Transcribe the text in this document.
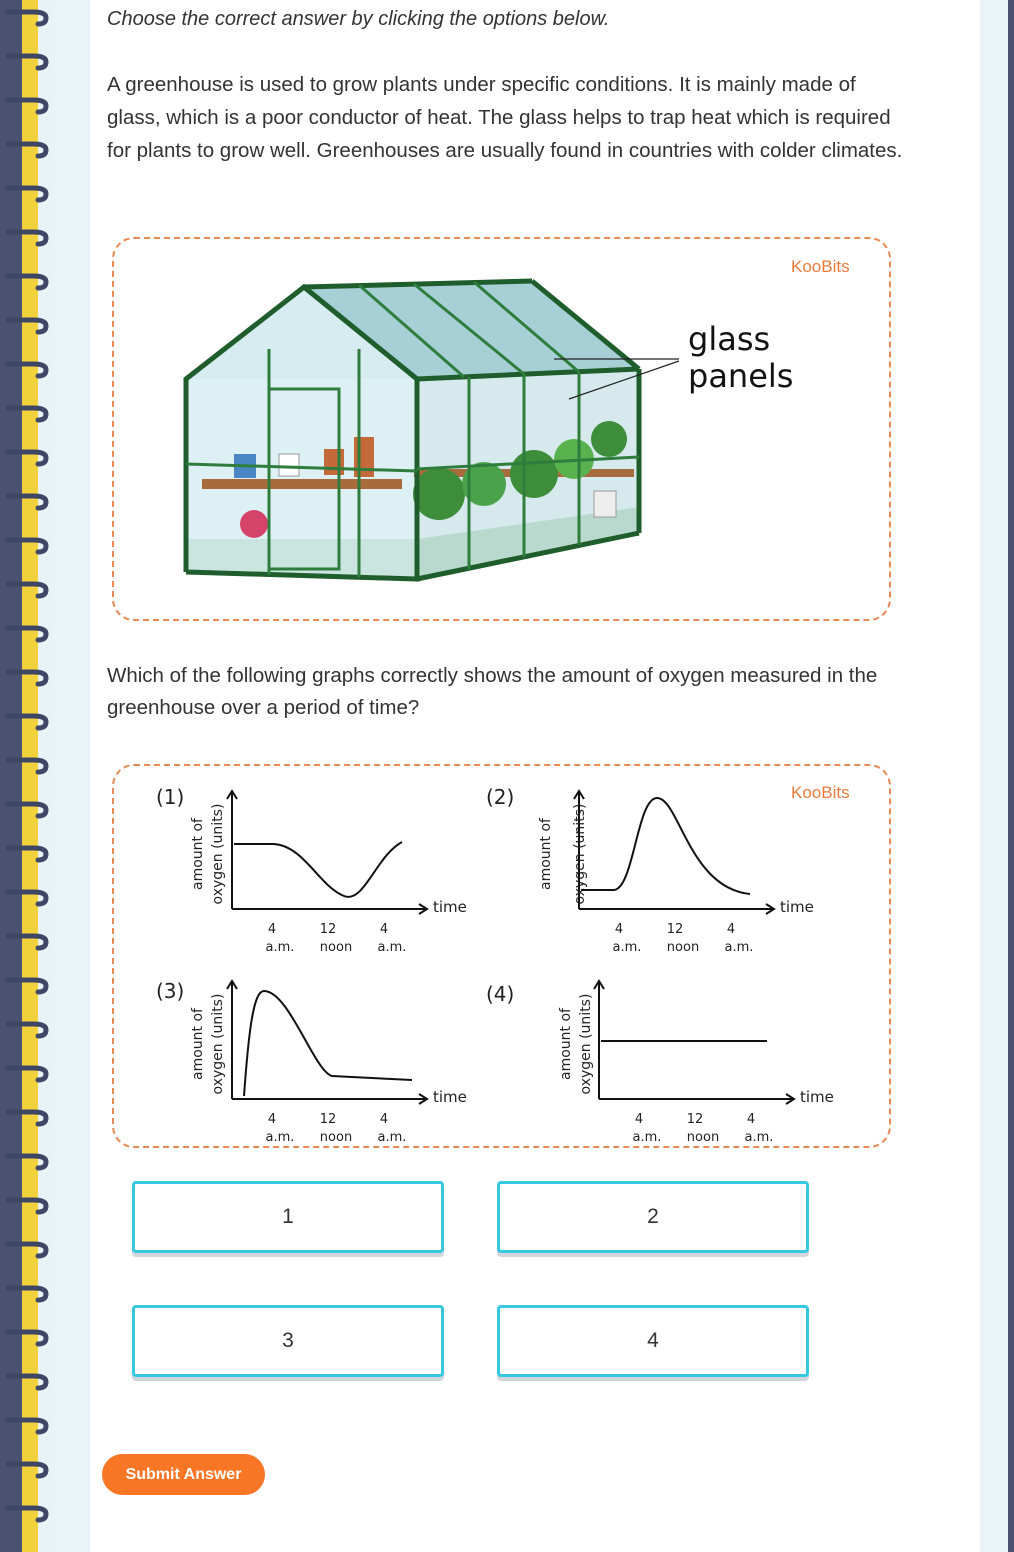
Choose the correct answer by clicking the options below.
A greenhouse is used to grow plants under specific conditions. It is mainly made of glass, which is a poor conductor of heat. The glass helps to trap heat which is required for plants to grow well. Greenhouses are usually found in countries with colder climates.
KooBits
glass
panels
Which of the following graphs correctly shows the amount of oxygen measured in the greenhouse over a period of time?
KooBits
(1)
time
amount of oxygen (units)
4
a.m.
12
noon
4
a.m.
(2)
time
amount of oxygen (units)
4
a.m.
12
noon
4
a.m.
(3)
time
amount of oxygen (units)
4
a.m.
12
noon
4
a.m.
(4)
time
amount of oxygen (units)
4
a.m.
12
noon
4
a.m.
1	2
3	4
Submit Answer
